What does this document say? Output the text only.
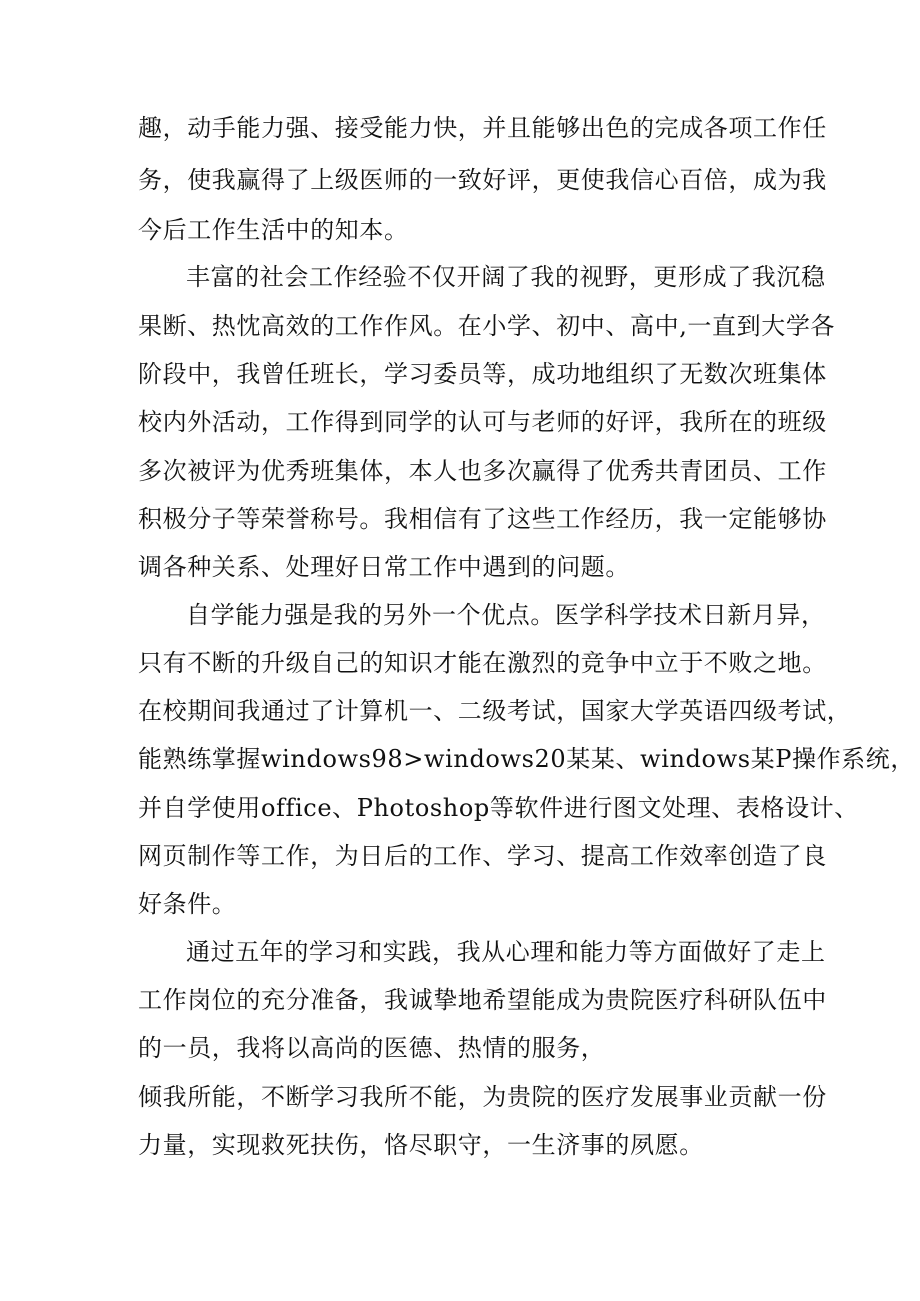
趣，动手能力强、接受能力快，并且能够出色的完成各项工作任
务，使我赢得了上级医师的一致好评，更使我信心百倍，成为我
今后工作生活中的知本。
丰富的社会工作经验不仅开阔了我的视野，更形成了我沉稳
果断、热忱高效的工作作风。在小学、初中、高中,一直到大学各
阶段中，我曾任班长，学习委员等，成功地组织了无数次班集体
校内外活动，工作得到同学的认可与老师的好评，我所在的班级
多次被评为优秀班集体，本人也多次赢得了优秀共青团员、工作
积极分子等荣誉称号。我相信有了这些工作经历，我一定能够协
调各种关系、处理好日常工作中遇到的问题。
自学能力强是我的另外一个优点。医学科学技术日新月异，
只有不断的升级自己的知识才能在激烈的竞争中立于不败之地。
在校期间我通过了计算机一、二级考试，国家大学英语四级考试，
能熟练掌握windows98>windows20某某、windows某P操作系统，
并自学使用office、Photoshop等软件进行图文处理、表格设计、
网页制作等工作，为日后的工作、学习、提高工作效率创造了良
好条件。
通过五年的学习和实践，我从心理和能力等方面做好了走上
工作岗位的充分准备，我诚挚地希望能成为贵院医疗科研队伍中
的一员，我将以高尚的医德、热情的服务，
倾我所能，不断学习我所不能，为贵院的医疗发展事业贡献一份
力量，实现救死扶伤，恪尽职守，一生济事的夙愿。
